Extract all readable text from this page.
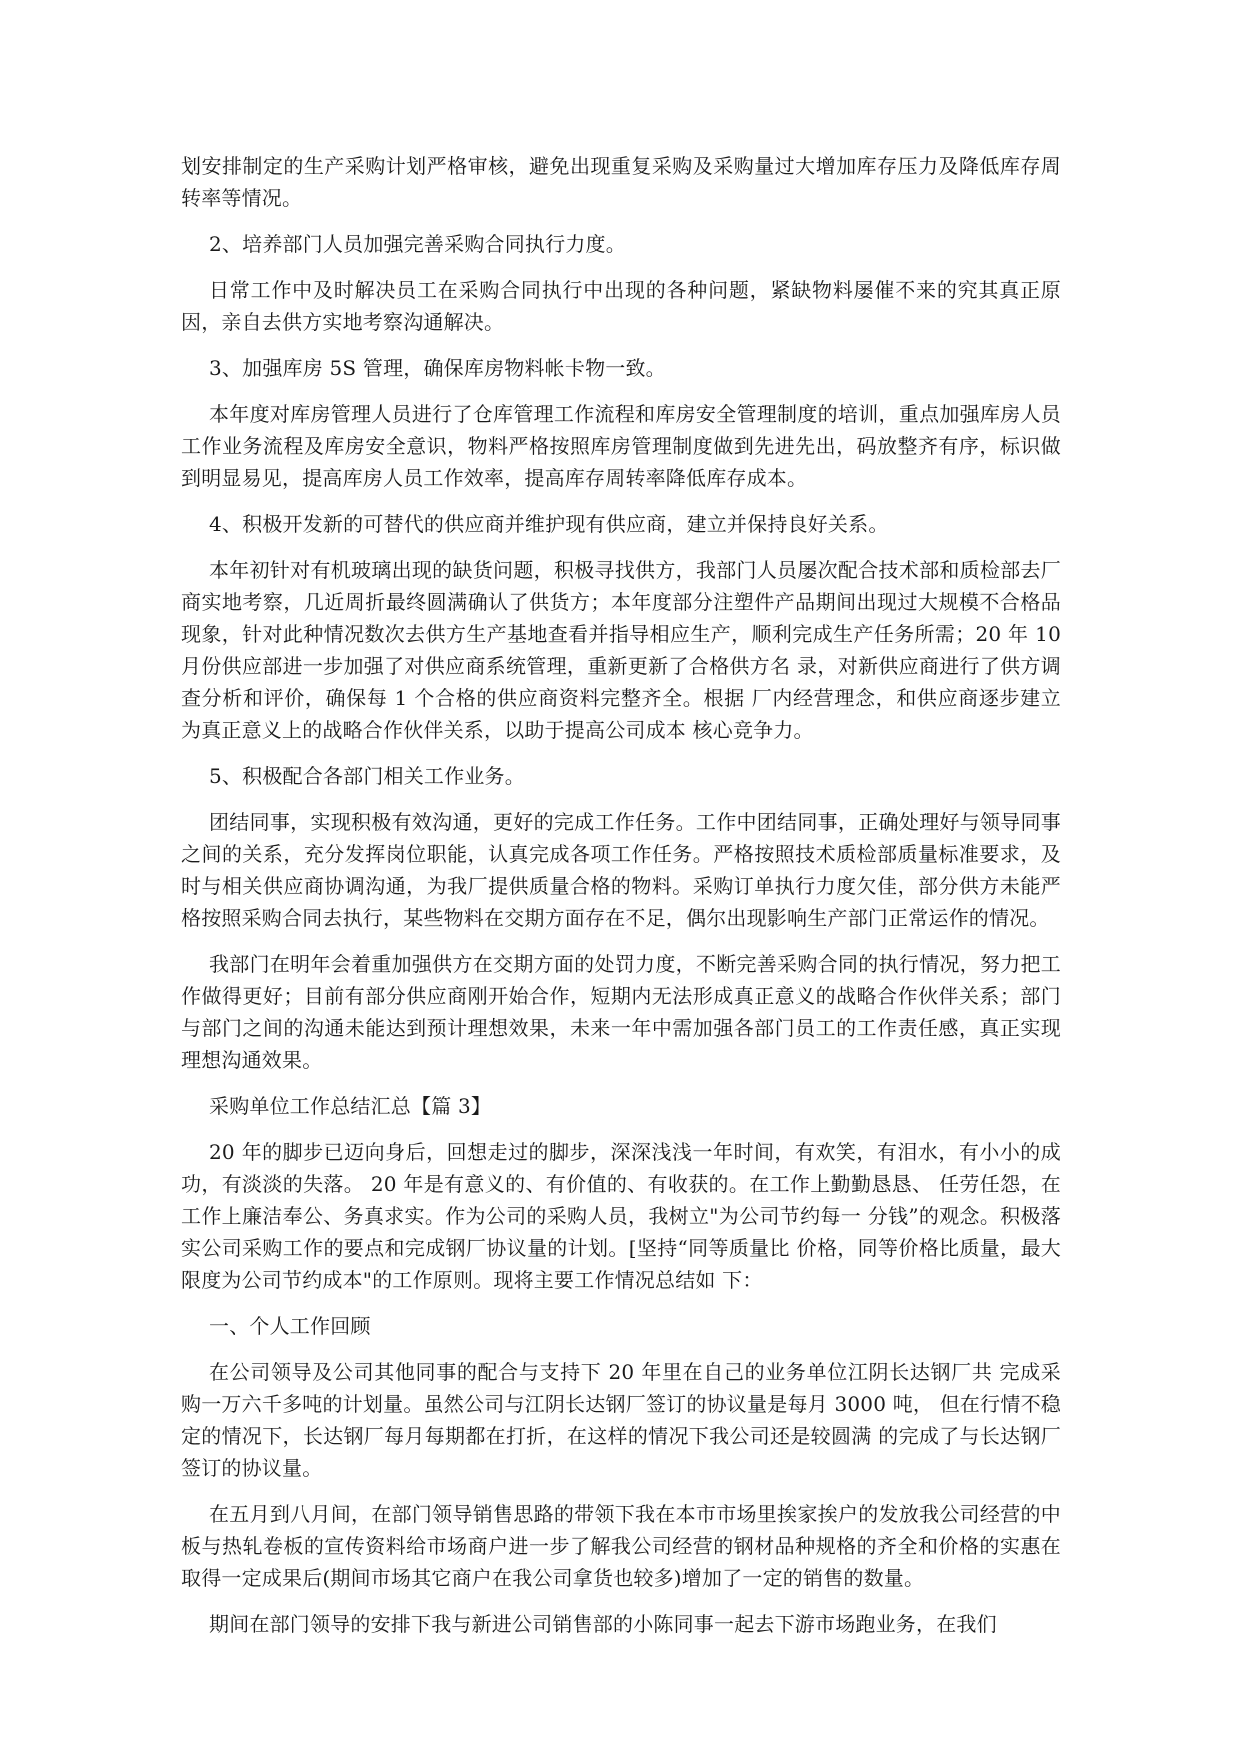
划安排制定的生产采购计划严格审核，避免出现重复采购及采购量过大增加库存压力及降低库存周转率等情况。

2、培养部门人员加强完善采购合同执行力度。

日常工作中及时解决员工在采购合同执行中出现的各种问题，紧缺物料屡催不来的究其真正原因，亲自去供方实地考察沟通解决。

3、加强库房 5S 管理，确保库房物料帐卡物一致。

本年度对库房管理人员进行了仓库管理工作流程和库房安全管理制度的培训，重点加强库房人员工作业务流程及库房安全意识，物料严格按照库房管理制度做到先进先出，码放整齐有序，标识做到明显易见，提高库房人员工作效率，提高库存周转率降低库存成本。

4、积极开发新的可替代的供应商并维护现有供应商，建立并保持良好关系。

本年初针对有机玻璃出现的缺货问题，积极寻找供方，我部门人员屡次配合技术部和质检部去厂商实地考察，几近周折最终圆满确认了供货方；本年度部分注塑件产品期间出现过大规模不合格品现象，针对此种情况数次去供方生产基地查看并指导相应生产，顺利完成生产任务所需；20 年 10 月份供应部进一步加强了对供应商系统管理，重新更新了合格供方名 录，对新供应商进行了供方调查分析和评价，确保每 1 个合格的供应商资料完整齐全。根据 厂内经营理念，和供应商逐步建立为真正意义上的战略合作伙伴关系，以助于提高公司成本 核心竞争力。

5、积极配合各部门相关工作业务。

团结同事，实现积极有效沟通，更好的完成工作任务。工作中团结同事，正确处理好与领导同事之间的关系，充分发挥岗位职能，认真完成各项工作任务。严格按照技术质检部质量标准要求，及时与相关供应商协调沟通，为我厂提供质量合格的物料。采购订单执行力度欠佳，部分供方未能严格按照采购合同去执行，某些物料在交期方面存在不足，偶尔出现影响生产部门正常运作的情况。

我部门在明年会着重加强供方在交期方面的处罚力度，不断完善采购合同的执行情况，努力把工作做得更好；目前有部分供应商刚开始合作，短期内无法形成真正意义的战略合作伙伴关系；部门与部门之间的沟通未能达到预计理想效果，未来一年中需加强各部门员工的工作责任感，真正实现理想沟通效果。

采购单位工作总结汇总【篇 3】

20 年的脚步已迈向身后，回想走过的脚步，深深浅浅一年时间，有欢笑，有泪水，有小小的成功，有淡淡的失落。 20 年是有意义的、有价值的、有收获的。在工作上勤勤恳恳、 任劳任怨，在工作上廉洁奉公、务真求实。作为公司的采购人员，我树立"为公司节约每一 分钱”的观念。积极落实公司采购工作的要点和完成钢厂协议量的计划。[坚持“同等质量比 价格，同等价格比质量，最大限度为公司节约成本"的工作原则。现将主要工作情况总结如 下：

一、个人工作回顾

在公司领导及公司其他同事的配合与支持下 20 年里在自己的业务单位江阴长达钢厂共 完成采购一万六千多吨的计划量。虽然公司与江阴长达钢厂签订的协议量是每月 3000 吨， 但在行情不稳定的情况下，长达钢厂每月每期都在打折，在这样的情况下我公司还是较圆满 的完成了与长达钢厂签订的协议量。

在五月到八月间，在部门领导销售思路的带领下我在本市市场里挨家挨户的发放我公司经营的中板与热轧卷板的宣传资料给市场商户进一步了解我公司经营的钢材品种规格的齐全和价格的实惠在取得一定成果后(期间市场其它商户在我公司拿货也较多)增加了一定的销售的数量。

期间在部门领导的安排下我与新进公司销售部的小陈同事一起去下游市场跑业务，在我们
